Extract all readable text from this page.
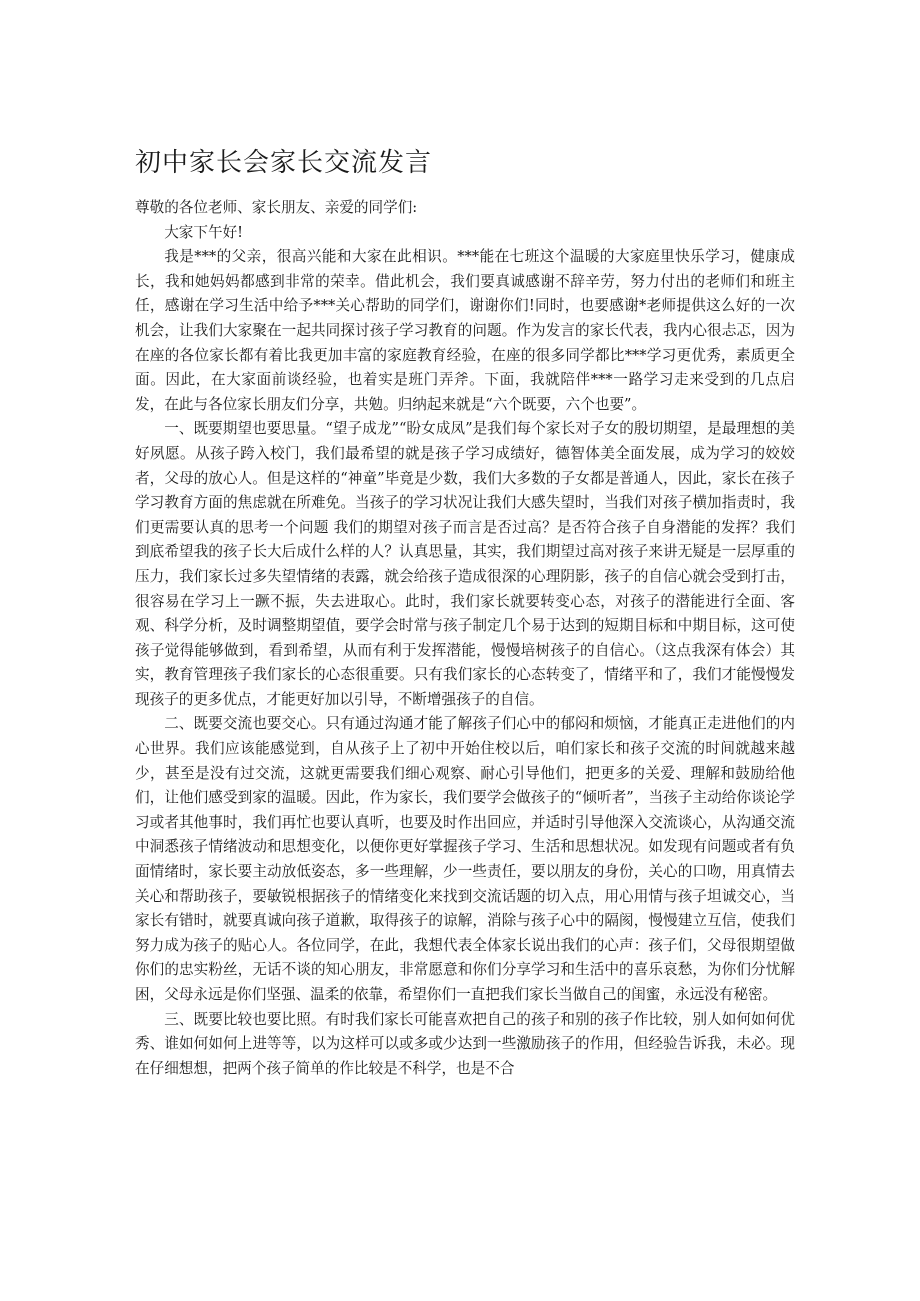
初中家长会家长交流发言

尊敬的各位老师、家长朋友、亲爱的同学们:

大家下午好!

我是***的父亲，很高兴能和大家在此相识。***能在七班这个温暖的大家庭里快乐学习，健康成长，我和她妈妈都感到非常的荣幸。借此机会，我们要真诚感谢不辞辛劳，努力付出的老师们和班主任，感谢在学习生活中给予***关心帮助的同学们，谢谢你们!同时，也要感谢*老师提供这么好的一次机会，让我们大家聚在一起共同探讨孩子学习教育的问题。作为发言的家长代表，我内心很忐忑，因为在座的各位家长都有着比我更加丰富的家庭教育经验，在座的很多同学都比***学习更优秀，素质更全面。因此，在大家面前谈经验，也着实是班门弄斧。下面，我就陪伴***一路学习走来受到的几点启发，在此与各位家长朋友们分享，共勉。归纳起来就是“六个既要，六个也要”。

一、既要期望也要思量。“望子成龙”“盼女成凤”是我们每个家长对子女的殷切期望，是最理想的美好夙愿。从孩子跨入校门，我们最希望的就是孩子学习成绩好，德智体美全面发展，成为学习的姣姣者，父母的放心人。但是这样的“神童”毕竟是少数，我们大多数的子女都是普通人，因此，家长在孩子学习教育方面的焦虑就在所难免。当孩子的学习状况让我们大感失望时，当我们对孩子横加指责时，我们更需要认真的思考一个问题 我们的期望对孩子而言是否过高？是否符合孩子自身潜能的发挥？我们到底希望我的孩子长大后成什么样的人？认真思量，其实，我们期望过高对孩子来讲无疑是一层厚重的压力，我们家长过多失望情绪的表露，就会给孩子造成很深的心理阴影，孩子的自信心就会受到打击，很容易在学习上一蹶不振，失去进取心。此时，我们家长就要转变心态，对孩子的潜能进行全面、客观、科学分析，及时调整期望值，要学会时常与孩子制定几个易于达到的短期目标和中期目标，这可使孩子觉得能够做到，看到希望，从而有利于发挥潜能，慢慢培树孩子的自信心。（这点我深有体会）其实，教育管理孩子我们家长的心态很重要。只有我们家长的心态转变了，情绪平和了，我们才能慢慢发现孩子的更多优点，才能更好加以引导，不断增强孩子的自信。

二、既要交流也要交心。只有通过沟通才能了解孩子们心中的郁闷和烦恼，才能真正走进他们的内心世界。我们应该能感觉到，自从孩子上了初中开始住校以后，咱们家长和孩子交流的时间就越来越少，甚至是没有过交流，这就更需要我们细心观察、耐心引导他们，把更多的关爱、理解和鼓励给他们，让他们感受到家的温暖。因此，作为家长，我们要学会做孩子的“倾听者”，当孩子主动给你谈论学习或者其他事时，我们再忙也要认真听，也要及时作出回应，并适时引导他深入交流谈心，从沟通交流中洞悉孩子情绪波动和思想变化，以便你更好掌握孩子学习、生活和思想状况。如发现有问题或者有负面情绪时，家长要主动放低姿态，多一些理解，少一些责任，要以朋友的身份，关心的口吻，用真情去关心和帮助孩子，要敏锐根据孩子的情绪变化来找到交流话题的切入点，用心用情与孩子坦诚交心，当家长有错时，就要真诚向孩子道歉，取得孩子的谅解，消除与孩子心中的隔阂，慢慢建立互信，使我们努力成为孩子的贴心人。各位同学，在此，我想代表全体家长说出我们的心声：孩子们，父母很期望做你们的忠实粉丝，无话不谈的知心朋友，非常愿意和你们分享学习和生活中的喜乐哀愁，为你们分忧解困，父母永远是你们坚强、温柔的依靠，希望你们一直把我们家长当做自己的闺蜜，永远没有秘密。

三、既要比较也要比照。有时我们家长可能喜欢把自己的孩子和别的孩子作比较，别人如何如何优秀、谁如何如何上进等等，以为这样可以或多或少达到一些激励孩子的作用，但经验告诉我，未必。现在仔细想想，把两个孩子简单的作比较是不科学，也是不合
